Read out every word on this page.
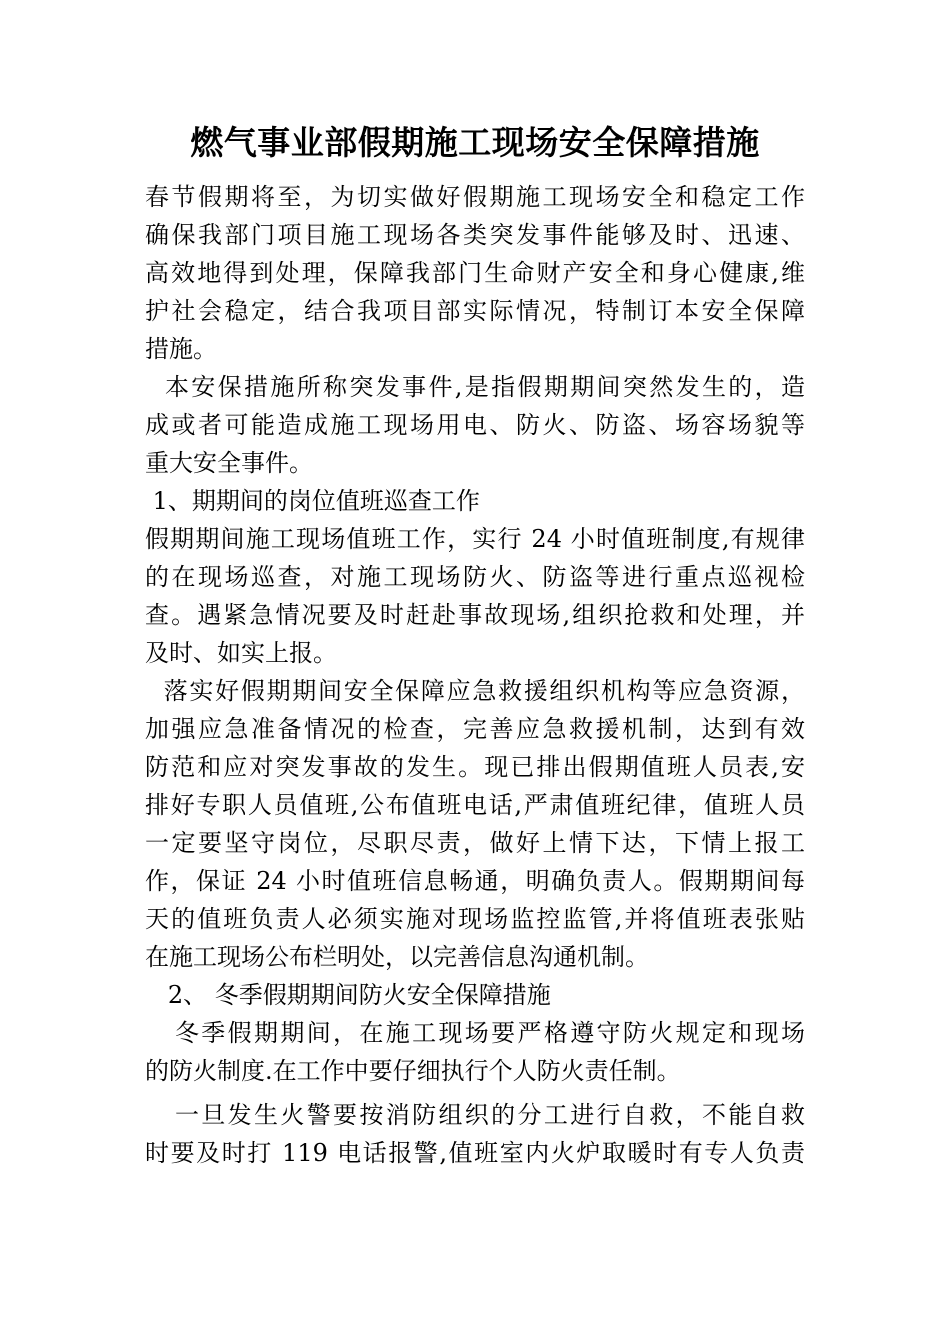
燃气事业部假期施工现场安全保障措施
春节假期将至，为切实做好假期施工现场安全和稳定工作
确保我部门项目施工现场各类突发事件能够及时、迅速、
高效地得到处理，保障我部门生命财产安全和身心健康,维
护社会稳定，结合我项目部实际情况，特制订本安全保障
措施。
本安保措施所称突发事件,是指假期期间突然发生的，造
成或者可能造成施工现场用电、防火、防盗、场容场貌等
重大安全事件。
1、期期间的岗位值班巡查工作
假期期间施工现场值班工作，实行 24 小时值班制度,有规律
的在现场巡查，对施工现场防火、防盗等进行重点巡视检
查。遇紧急情况要及时赶赴事故现场,组织抢救和处理，并
及时、如实上报。
落实好假期期间安全保障应急救援组织机构等应急资源，
加强应急准备情况的检查，完善应急救援机制，达到有效
防范和应对突发事故的发生。现已排出假期值班人员表,安
排好专职人员值班,公布值班电话,严肃值班纪律，值班人员
一定要坚守岗位，尽职尽责，做好上情下达，下情上报工
作，保证 24 小时值班信息畅通，明确负责人。假期期间每
天的值班负责人必须实施对现场监控监管,并将值班表张贴
在施工现场公布栏明处，以完善信息沟通机制。
2、 冬季假期期间防火安全保障措施
冬季假期期间，在施工现场要严格遵守防火规定和现场
的防火制度.在工作中要仔细执行个人防火责任制。
一旦发生火警要按消防组织的分工进行自救，不能自救
时要及时打 119 电话报警,值班室内火炉取暖时有专人负责
